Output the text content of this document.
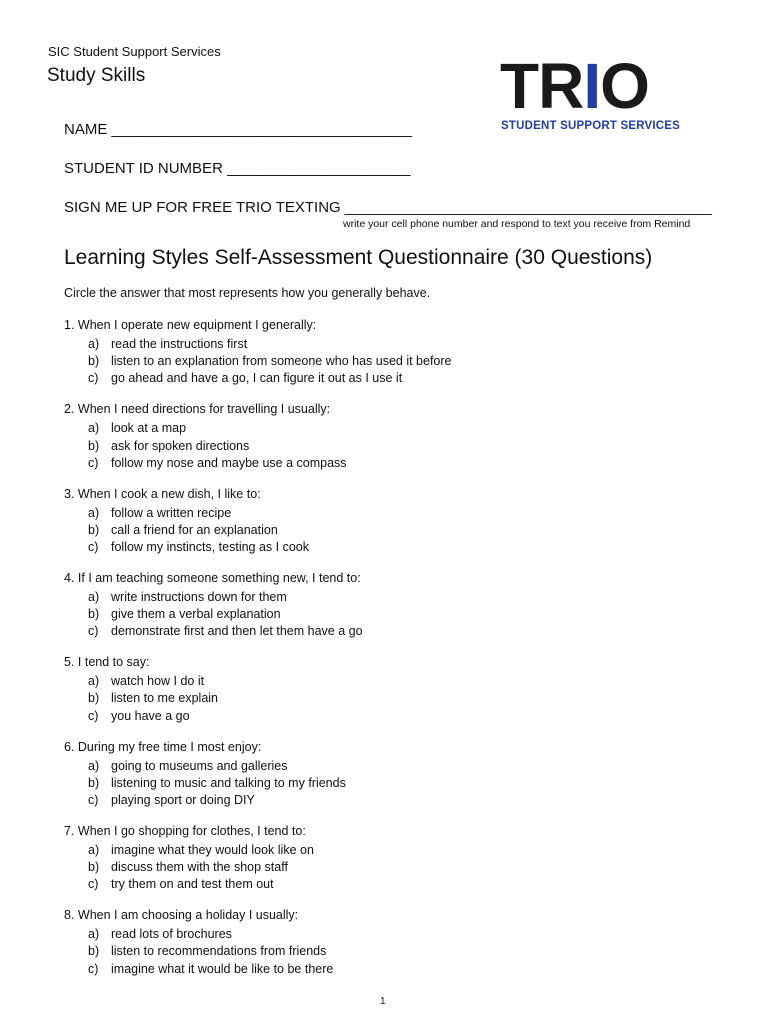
SIC Student Support Services
Study Skills	TRIO
STUDENT SUPPORT SERVICES
NAME ____________________________________
STUDENT ID NUMBER ______________________
SIGN ME UP FOR FREE TRIO TEXTING ____________________________________________
write your cell phone number and respond to text you receive from Remind
Learning Styles Self-Assessment Questionnaire (30 Questions)
Circle the answer that most represents how you generally behave.
1. When I operate new equipment I generally:
a) read the instructions first
b) listen to an explanation from someone who has used it before
c) go ahead and have a go, I can figure it out as I use it
2. When I need directions for travelling I usually:
a) look at a map
b) ask for spoken directions
c) follow my nose and maybe use a compass
3. When I cook a new dish, I like to:
a) follow a written recipe
b) call a friend for an explanation
c) follow my instincts, testing as I cook
4. If I am teaching someone something new, I tend to:
a) write instructions down for them
b) give them a verbal explanation
c) demonstrate first and then let them have a go
5. I tend to say:
a) watch how I do it
b) listen to me explain
c) you have a go
6. During my free time I most enjoy:
a) going to museums and galleries
b) listening to music and talking to my friends
c) playing sport or doing DIY
7. When I go shopping for clothes, I tend to:
a) imagine what they would look like on
b) discuss them with the shop staff
c) try them on and test them out
8. When I am choosing a holiday I usually:
a) read lots of brochures
b) listen to recommendations from friends
c) imagine what it would be like to be there
1
